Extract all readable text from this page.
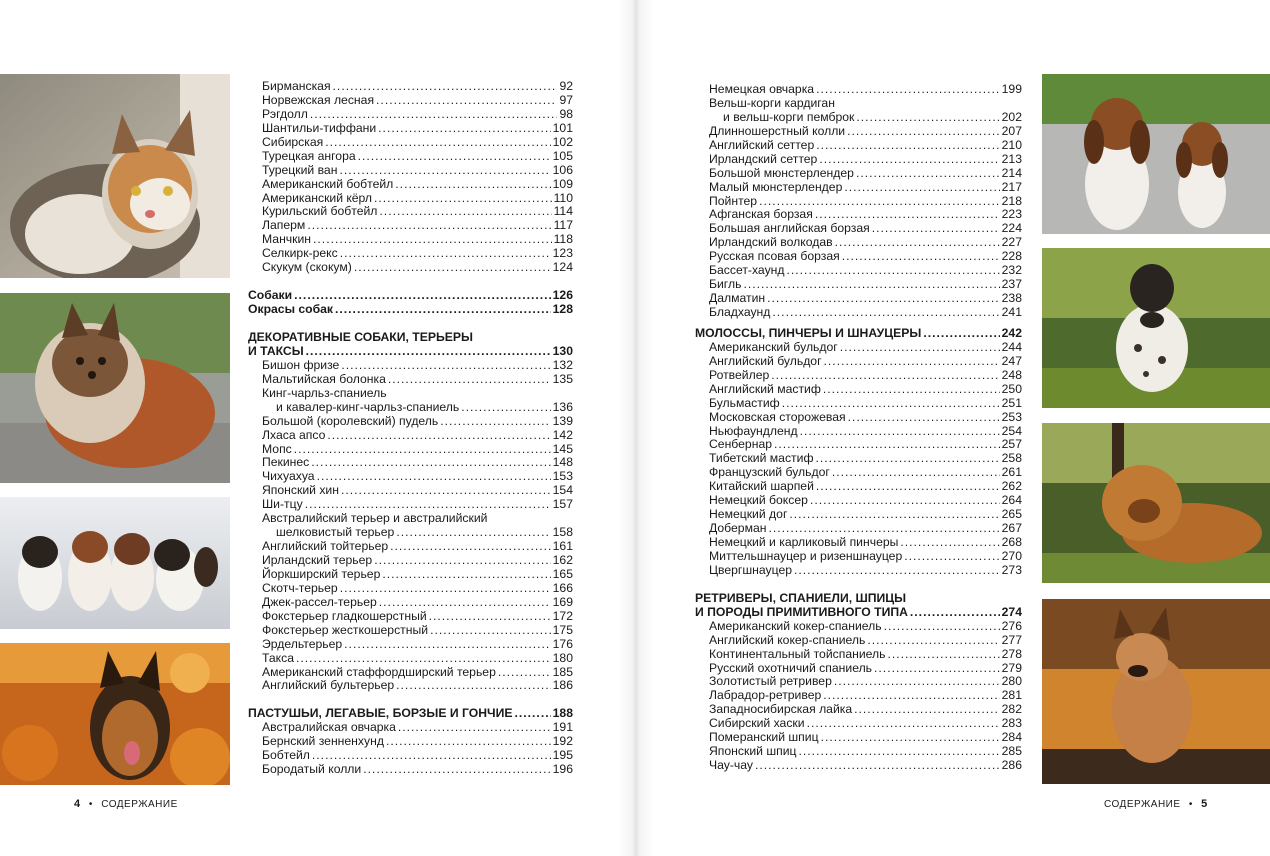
Бирманская .....	92
Норвежская лесная .....	97
Рэгдолл .....	98
Шантильи-тиффани .....	101
Сибирская .....	102
Турецкая ангора .....	105
Турецкий ван .....	106
Американский бобтейл .....	109
Американский кёрл .....	110
Курильский бобтейл .....	114
Лаперм .....	117
Манчкин .....	118
Селкирк-рекс .....	123
Скукум (скокум) .....	124
Собаки .....	126
Окрасы собак .....	128
ДЕКОРАТИВНЫЕ СОБАКИ, ТЕРЬЕРЫ
И ТАКСЫ .....	130
Бишон фризе .....	132
Мальтийская болонка .....	135
Кинг-чарльз-спаниель
и кавалер-кинг-чарльз-спаниель .....	136
Большой (королевский) пудель .....	139
Лхаса апсо .....	142
Мопс .....	145
Пекинес .....	148
Чихуахуа .....	153
Японский хин .....	154
Ши-тцу .....	157
Австралийский терьер и австралийский
шелковистый терьер .....	158
Английский тойтерьер .....	161
Ирландский терьер .....	162
Йоркширский терьер .....	165
Скотч-терьер .....	166
Джек-рассел-терьер .....	169
Фокстерьер гладкошерстный .....	172
Фокстерьер жесткошерстный .....	175
Эрдельтерьер .....	176
Такса .....	180
Американский стаффордширский терьер .....	185
Английский бультерьер .....	186
ПАСТУШЬИ, ЛЕГАВЫЕ, БОРЗЫЕ И ГОНЧИЕ .....	188
Австралийская овчарка .....	191
Бернский зенненхунд .....	192
Бобтейл .....	195
Бородатый колли .....	196
Немецкая овчарка .....	199
Вельш-корги кардиган
и вельш-корги пемброк .....	202
Длинношерстный колли .....	207
Английский сеттер .....	210
Ирландский сеттер .....	213
Большой мюнстерлендер .....	214
Малый мюнстерлендер .....	217
Пойнтер .....	218
Афганская борзая .....	223
Большая английская борзая .....	224
Ирландский волкодав .....	227
Русская псовая борзая .....	228
Бассет-хаунд .....	232
Бигль .....	237
Далматин .....	238
Бладхаунд .....	241
МОЛОССЫ, ПИНЧЕРЫ И ШНАУЦЕРЫ .....	242
Американский бульдог .....	244
Английский бульдог .....	247
Ротвейлер .....	248
Английский мастиф .....	250
Бульмастиф .....	251
Московская сторожевая .....	253
Ньюфаундленд .....	254
Сенбернар .....	257
Тибетский мастиф .....	258
Французский бульдог .....	261
Китайский шарпей .....	262
Немецкий боксер .....	264
Немецкий дог .....	265
Доберман .....	267
Немецкий и карликовый пинчеры .....	268
Миттельшнауцер и ризеншнауцер .....	270
Цвергшнауцер .....	273
РЕТРИВЕРЫ, СПАНИЕЛИ, ШПИЦЫ
И ПОРОДЫ ПРИМИТИВНОГО ТИПА .....	274
Американский кокер-спаниель .....	276
Английский кокер-спаниель .....	277
Континентальный тойспаниель .....	278
Русский охотничий спаниель .....	279
Золотистый ретривер .....	280
Лабрадор-ретривер .....	281
Западносибирская лайка .....	282
Сибирский хаски .....	283
Померанский шпиц .....	284
Японский шпиц .....	285
Чау-чау .....	286
4 • СОДЕРЖАНИЕ	СОДЕРЖАНИЕ • 5
